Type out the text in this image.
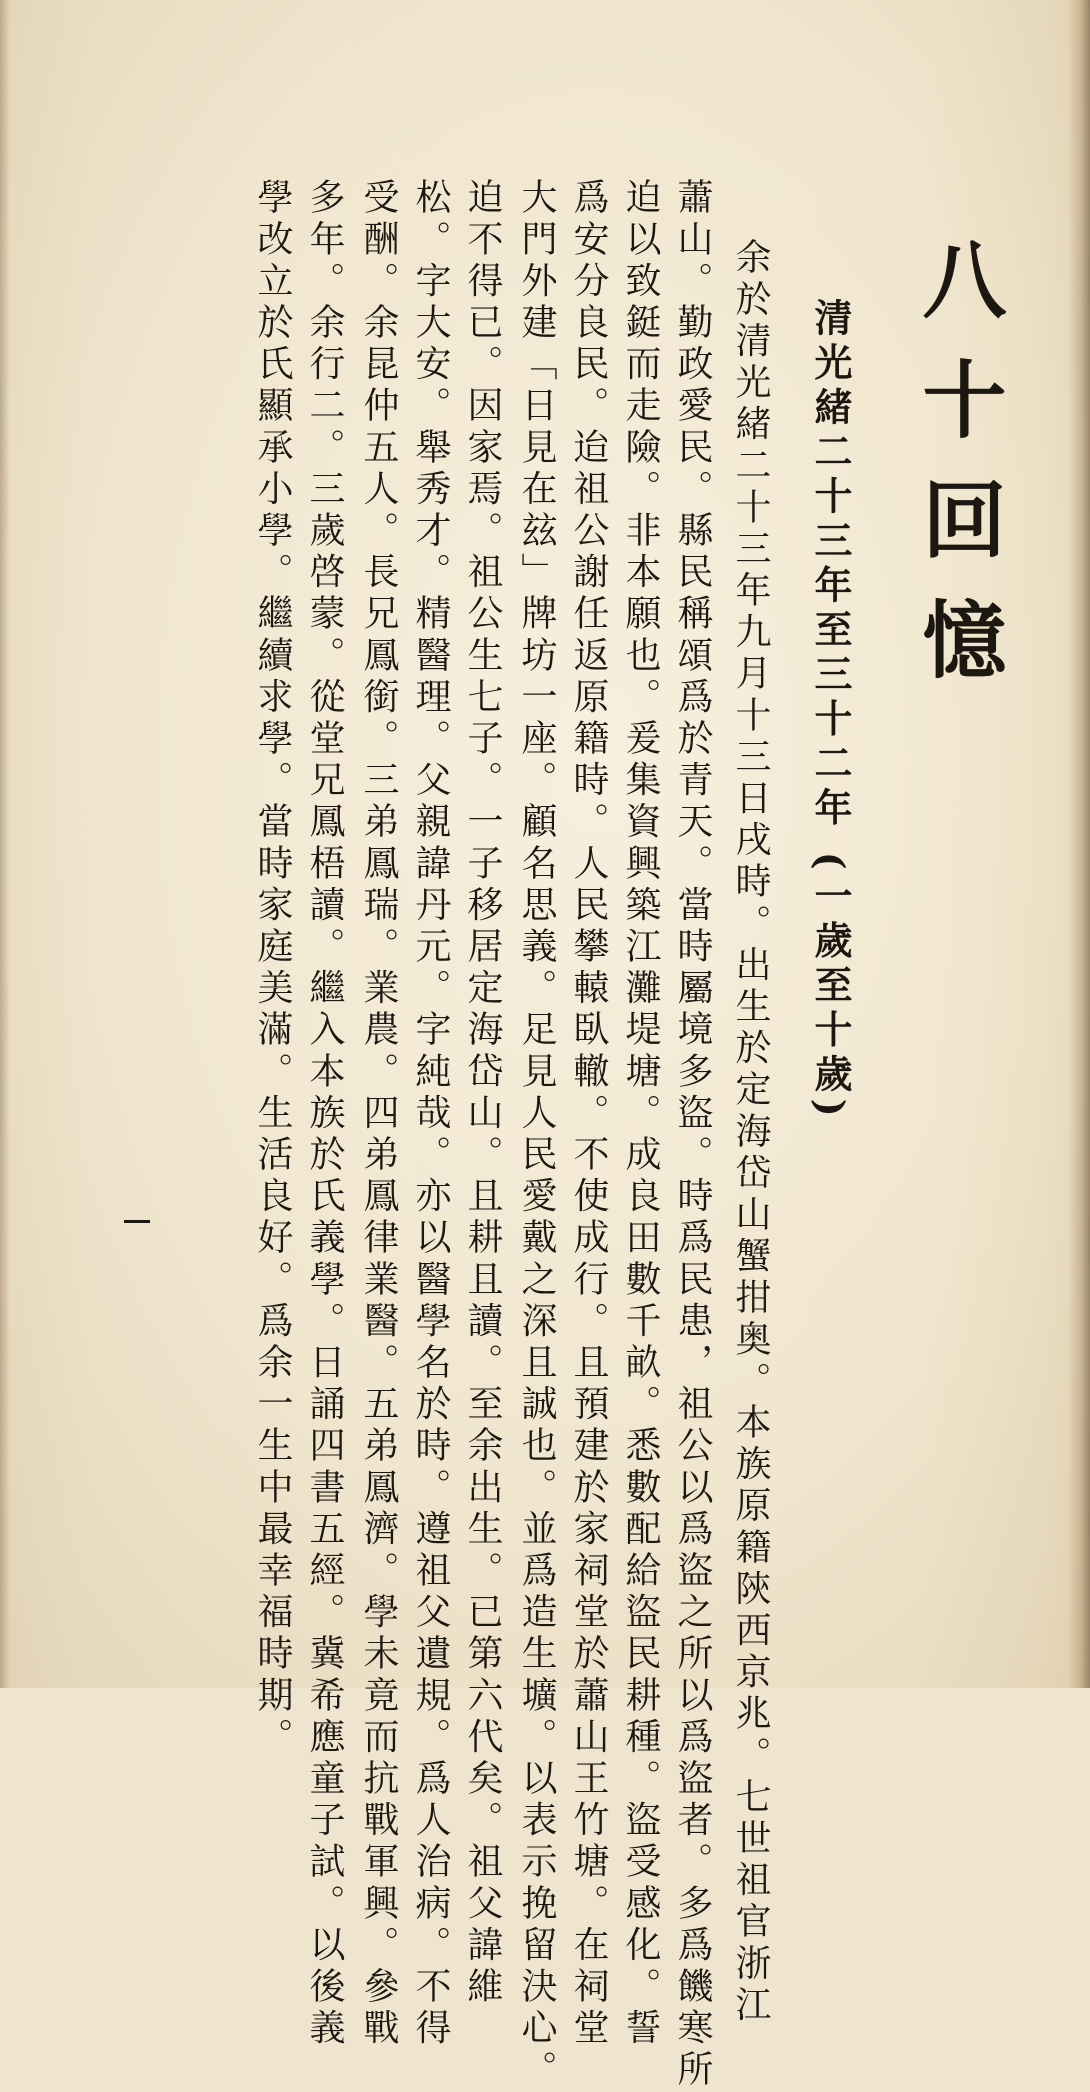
八十回憶
清光緒二十三年至三十二年 (一歲至十歲)
余於清光緒二十三年九月十三日戌時。出生於定海岱山蟹拑奥。本族原籍陝西京兆。七世祖官浙江
蕭山。勤政愛民。縣民稱頌爲於青天。當時屬境多盜。時爲民患，祖公以爲盜之所以爲盜者。多爲饑寒所
迫以致鋌而走險。非本願也。爰集資興築江灘堤塘。成良田數千畝。悉數配給盜民耕種。盜受感化。誓
爲安分良民。迨祖公謝任返原籍時。人民攀轅臥轍。不使成行。且預建於家祠堂於蕭山王竹塘。在祠堂
大門外建「日見在玆」牌坊一座。顧名思義。足見人民愛戴之深且誠也。並爲造生壙。以表示挽留決心。
迫不得已。因家焉。祖公生七子。一子移居定海岱山。且耕且讀。至余出生。已第六代矣。祖父諱維
松。字大安。舉秀才。精醫理。父親諱丹元。字純哉。亦以醫學名於時。遵祖父遺規。爲人治病。不得
受酬。余昆仲五人。長兄鳳銜。三弟鳳瑞。業農。四弟鳳律業醫。五弟鳳濟。學未竟而抗戰軍興。參戰
多年。余行二。三歲啓蒙。從堂兄鳳梧讀。繼入本族於氏義學。日誦四書五經。冀希應童子試。以後義
學改立於氏顯承小學。繼續求學。當時家庭美滿。生活良好。爲余一生中最幸福時期。
